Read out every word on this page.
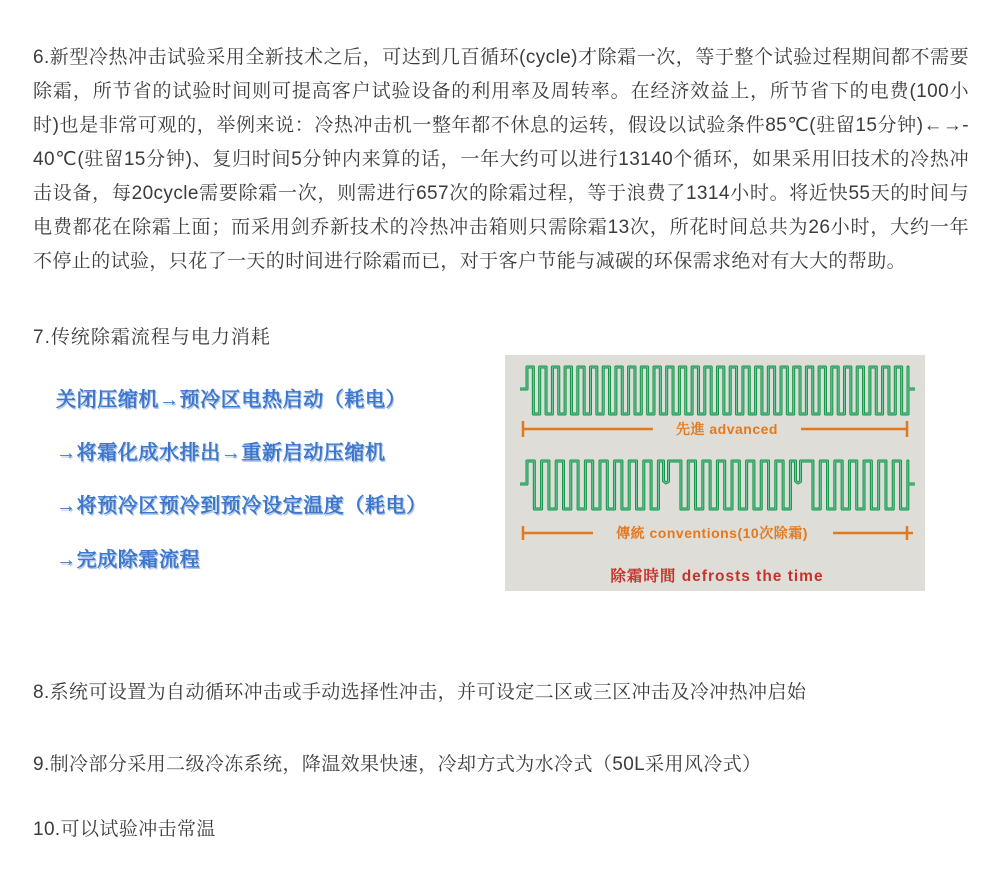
6.新型冷热冲击试验采用全新技术之后，可达到几百循环(cycle)才除霜一次，等于整个试验过程期间都不需要除霜，所节省的试验时间则可提高客户试验设备的利用率及周转率。在经济效益上，所节省下的电费(100小时)也是非常可观的，举例来说：冷热冲击机一整年都不休息的运转，假设以试验条件85℃(驻留15分钟)←→-40℃(驻留15分钟)、复归时间5分钟内来算的话，一年大约可以进行13140个循环，如果采用旧技术的冷热冲击设备，每20cycle需要除霜一次，则需进行657次的除霜过程，等于浪费了1314小时。将近快55天的时间与电费都花在除霜上面；而采用剑乔新技术的冷热冲击箱则只需除霜13次，所花时间总共为26小时，大约一年不停止的试验，只花了一天的时间进行除霜而已，对于客户节能与减碳的环保需求绝对有大大的帮助。

7.传统除霜流程与电力消耗

关闭压缩机→预冷区电热启动（耗电）

→将霜化成水排出→重新启动压缩机

→将预冷区预冷到预冷设定温度（耗电）

→完成除霜流程

先進 advanced
傳統 conventions(10次除霜)
除霜時間 defrosts the time

8.系统可设置为自动循环冲击或手动选择性冲击，并可设定二区或三区冲击及冷冲热冲启始

9.制冷部分采用二级冷冻系统，降温效果快速，冷却方式为水冷式（50L采用风冷式）

10.可以试验冲击常温
